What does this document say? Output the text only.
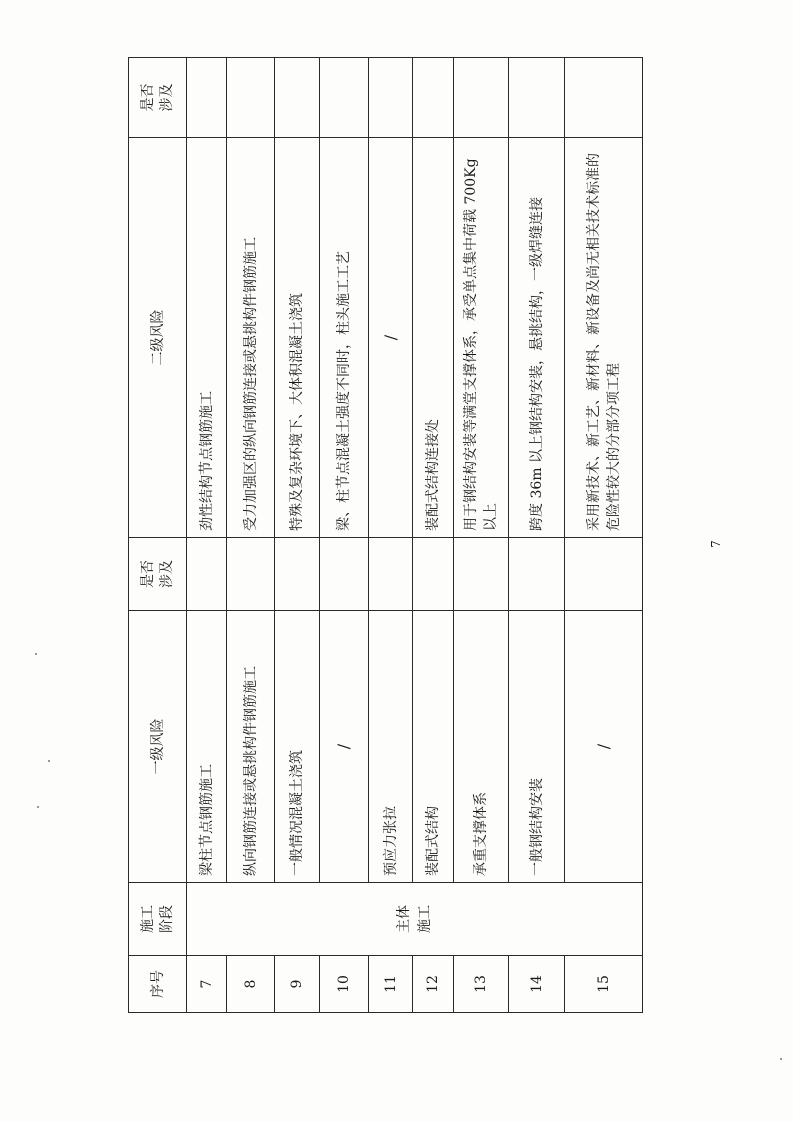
序号	施工 阶段	一级风险	是否 涉及	二级风险	是否 涉及

7	主体 施工	梁柱节点钢筋施工		劲性结构节点钢筋施工	
8		纵向钢筋连接或悬挑构件钢筋施工		受力加强区的纵向钢筋连接或悬挑构件钢筋施工	
9		一般情况混凝土浇筑		特殊及复杂环境下、大体积混凝土浇筑	
10		/		梁、柱节点混凝土强度不同时，柱头施工工艺	
11		预应力张拉		/	
12		装配式结构		装配式结构连接处	
13		承重支撑体系		用于钢结构安装等满堂支撑体系，承受单点集中荷载 700Kg 以上	
14		一般钢结构安装		跨度 36m 以上钢结构安装，悬挑结构，一级焊缝连接	
15		/		采用新技术、新工艺、新材料、新设备及尚无相关技术标准的危险性较大的分部分项工程	
7
